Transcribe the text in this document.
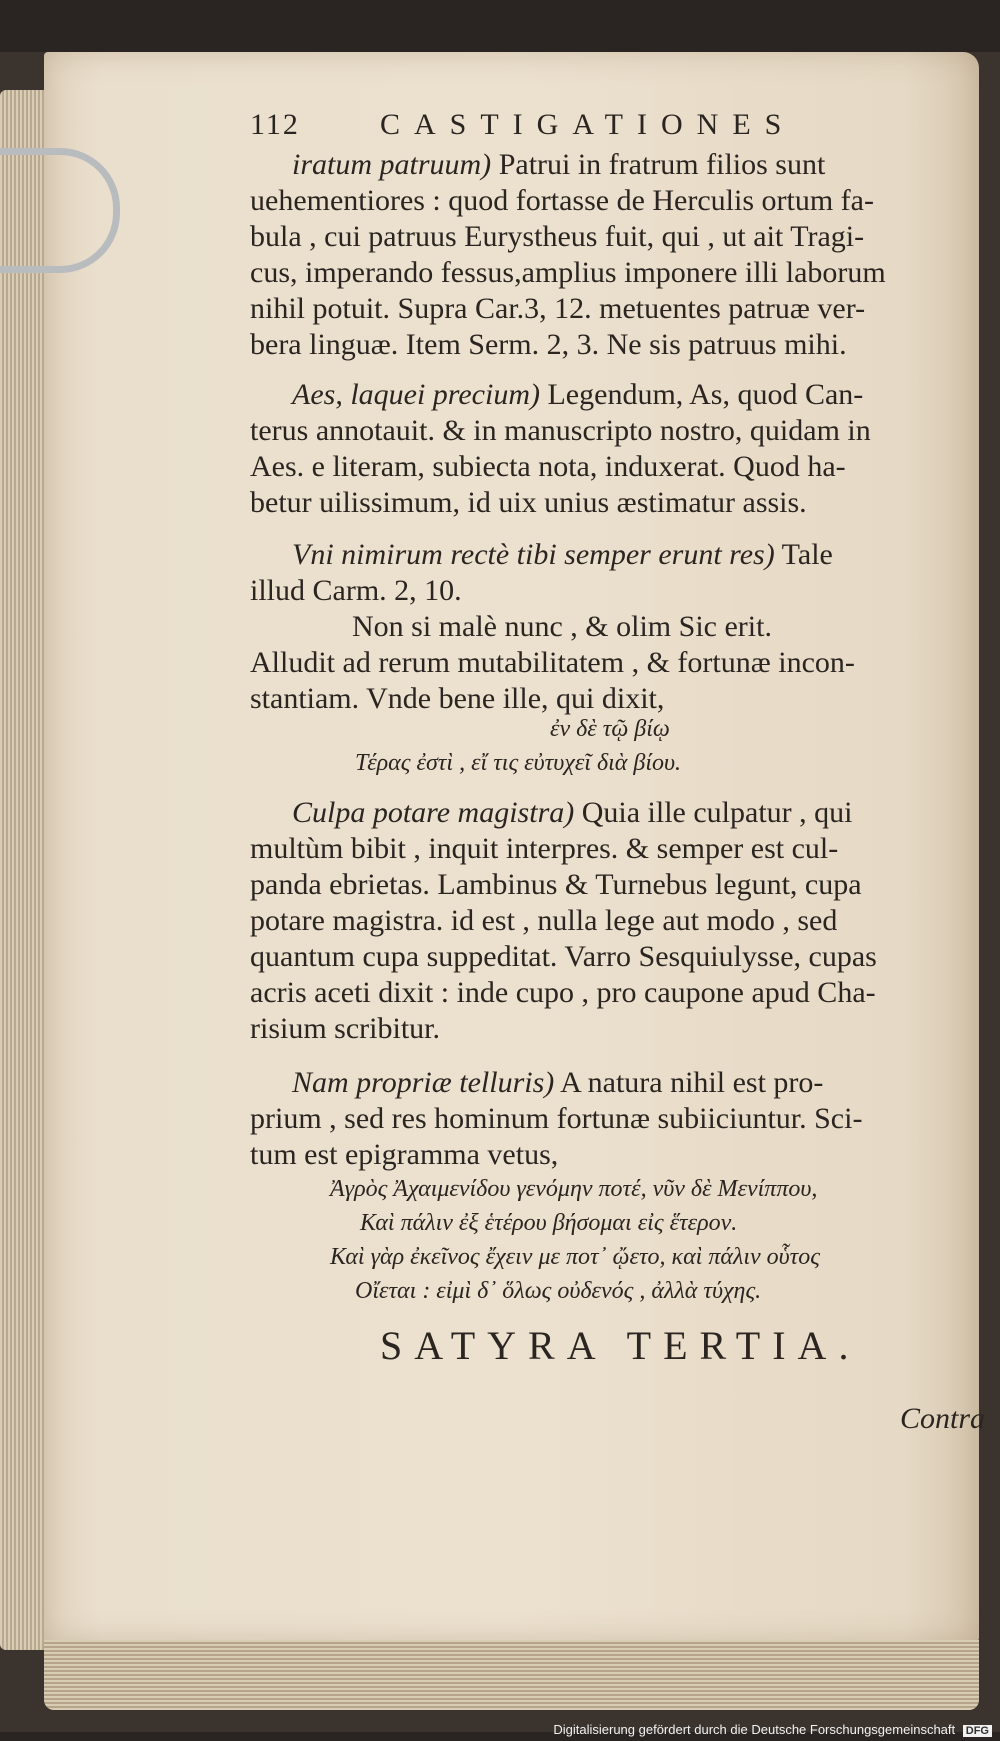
112	CASTIGATIONES
iratum patruum) Patrui in fratrum filios sunt
uehementiores : quod fortasse de Herculis ortum fa-
bula , cui patruus Eurystheus fuit, qui , ut ait Tragi-
cus, imperando fessus,amplius imponere illi laborum
nihil potuit. Supra Car.3, 12. metuentes patruæ ver-
bera linguæ. Item Serm. 2, 3. Ne sis patruus mihi.
Aes, laquei precium) Legendum, As, quod Can-
terus annotauit. & in manuscripto nostro, quidam in
Aes. e literam, subiecta nota, induxerat. Quod ha-
betur uilissimum, id uix unius æstimatur assis.
Vni nimirum rectè tibi semper erunt res) Tale
illud Carm. 2, 10.
Non si malè nunc , & olim Sic erit.
Alludit ad rerum mutabilitatem , & fortunæ incon-
stantiam. Vnde bene ille, qui dixit,
ἐν δὲ τῷ βίῳ
Τέρας ἐστὶ , εἴ τις εὐτυχεῖ διὰ βίου.
Culpa potare magistra) Quia ille culpatur , qui
multùm bibit , inquit interpres. & semper est cul-
panda ebrietas. Lambinus & Turnebus legunt, cupa
potare magistra. id est , nulla lege aut modo , sed
quantum cupa suppeditat. Varro Sesquiulysse, cupas
acris aceti dixit : inde cupo , pro caupone apud Cha-
risium scribitur.
Nam propriæ telluris) A natura nihil est pro-
prium , sed res hominum fortunæ subiiciuntur. Sci-
tum est epigramma vetus,
Ἀγρὸς Ἀχαιμενίδου γενόμην ποτέ, νῦν δὲ Μενίππου,
Καὶ πάλιν ἐξ ἑτέρου βήσομαι εἰς ἕτερον.
Καὶ γὰρ ἐκεῖνος ἔχειν με ποτ᾽ ᾤετο, καὶ πάλιν οὗτος
Οἴεται : εἰμὶ δ᾽ ὅλως οὐδενός , ἀλλὰ τύχης.
SATYRA TERTIA.
Contra
Digitalisierung gefördert durch die Deutsche Forschungsgemeinschaft DFG
